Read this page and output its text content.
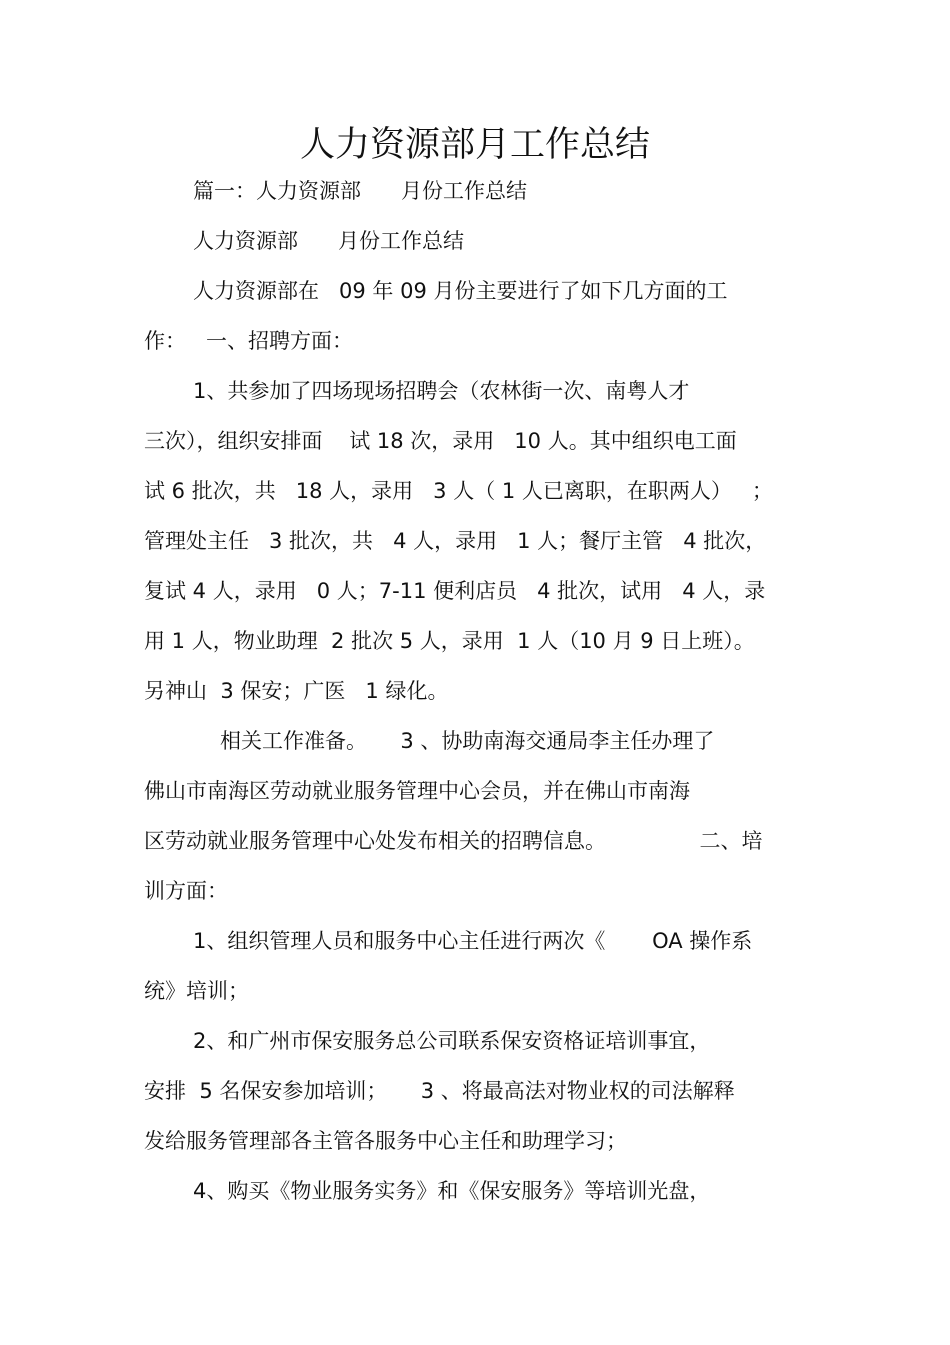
人力资源部月工作总结
篇一：人力资源部      月份工作总结
人力资源部      月份工作总结
人力资源部在   09 年 09 月份主要进行了如下几方面的工
作：   一、招聘方面：
1、共参加了四场现场招聘会（农林街一次、南粤人才
三次），组织安排面    试 18 次，录用   10 人。其中组织电工面
试 6 批次，共   18 人，录用   3 人（ 1 人已离职，在职两人）   ；
管理处主任   3 批次，共   4 人，录用   1 人；餐厅主管   4 批次，
复试 4 人，录用   0 人；7-11 便利店员   4 批次，试用   4 人，录
用 1 人，物业助理  2 批次 5 人，录用  1 人（10 月 9 日上班）。
另神山  3 保安；广医   1 绿化。
相关工作准备。     3 、协助南海交通局李主任办理了
佛山市南海区劳动就业服务管理中心会员，并在佛山市南海
区劳动就业服务管理中心处发布相关的招聘信息。              二、培
训方面：
1、组织管理人员和服务中心主任进行两次《       OA 操作系
统》培训；
2、和广州市保安服务总公司联系保安资格证培训事宜，
安排  5 名保安参加培训；     3 、将最高法对物业权的司法解释
发给服务管理部各主管各服务中心主任和助理学习；
4、购买《物业服务实务》和《保安服务》等培训光盘，
